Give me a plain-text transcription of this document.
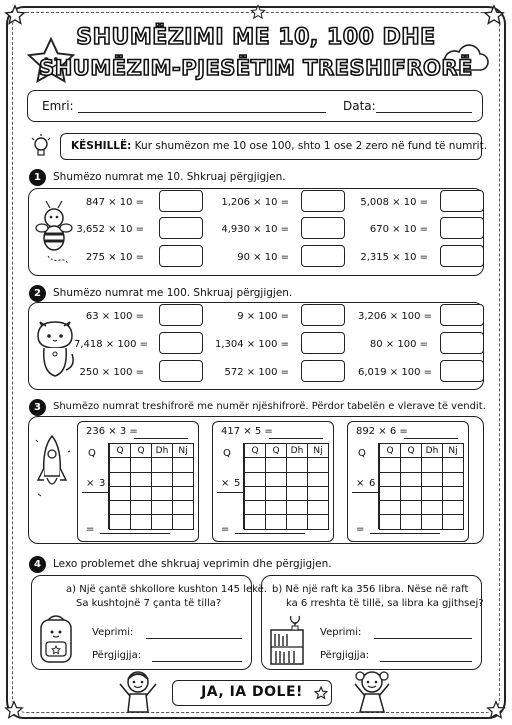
SHUMËZIMI ME 10, 100 DHE
SHUMËZIM-PJESËTIM TRESHIFRORË
Emri:	Data:
KËSHILLË: Kur shumëzon me 10 ose 100, shto 1 ose 2 zero në fund të numrit.
1	Shumëzo numrat me 10. Shkruaj përgjigjen.
847 × 10 =	1,206 × 10 =	5,008 × 10 =
3,652 × 10 =	4,930 × 10 =	670 × 10 =
275 × 10 =	90 × 10 =	2,315 × 10 =
2	Shumëzo numrat me 100. Shkruaj përgjigjen.
63 × 100 =	9 × 100 =	3,206 × 100 =
7,418 × 100 =	1,304 × 100 =	80 × 100 =
250 × 100 =	572 × 100 =	6,019 × 100 =
3	Shumëzo numrat treshifrorë me numër njëshifrorë. Përdor tabelën e vlerave të vendit.
236 × 3 =
Q
× 3
Q	Q	Dh	Nj

=
417 × 5 =
Q
× 5
Q	Q	Dh	Nj

=
892 × 6 =
Q
× 6
Q	Q	Dh	Nj

=
4	Lexo problemet dhe shkruaj veprimin dhe përgjigjen.
a) Një çantë shkollore kushton 145 lekë.
Sa kushtojnë 7 çanta të tilla?
Veprimi:
Përgjigjja:
b) Në një raft ka 356 libra. Nëse në raft
ka 6 rreshta të tillë, sa libra ka gjithsej?
Veprimi:
Përgjigjja:
JA, IA DOLE!
